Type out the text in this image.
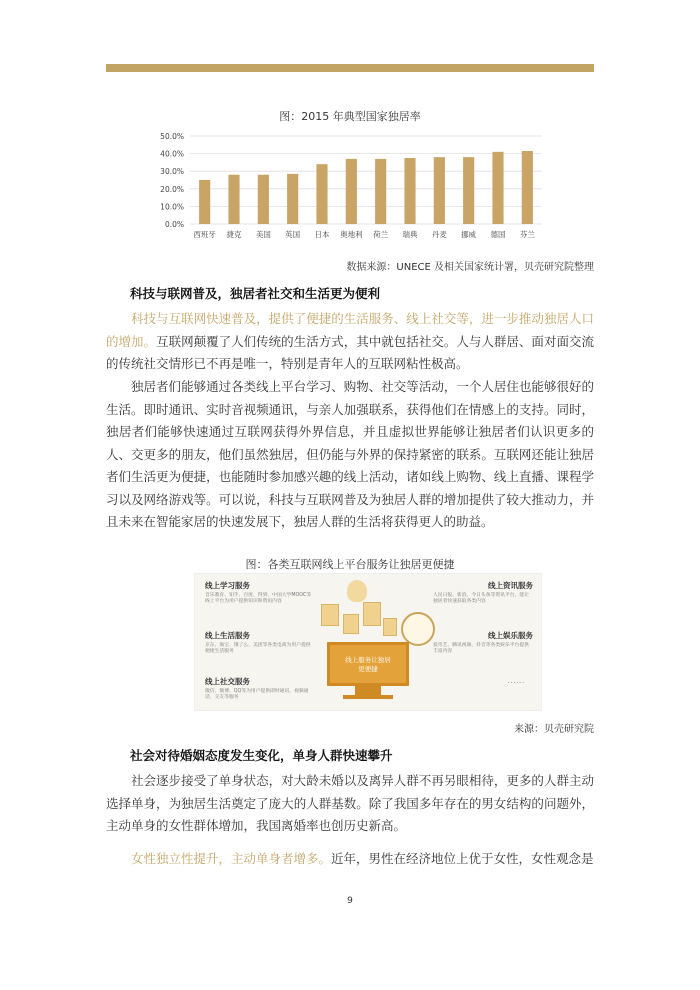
图：2015 年典型国家独居率
0.0%
10.0%
20.0%
30.0%
40.0%
50.0%
西班牙 捷克 美国 英国 日本 奥地利 荷兰 瑞典 丹麦 挪威 德国 芬兰
数据来源：UNECE 及相关国家统计署，贝壳研究院整理
科技与联网普及，独居者社交和生活更为便利
科技与互联网快速普及，提供了便捷的生活服务、线上社交等，进一步推动独居人口的增加。互联网颠覆了人们传统的生活方式，其中就包括社交。人与人群居、面对面交流的传统社交情形已不再是唯一，特别是青年人的互联网粘性极高。
独居者们能够通过各类线上平台学习、购物、社交等活动，一个人居住也能够很好的生活。即时通讯、实时音视频通讯，与亲人加强联系，获得他们在情感上的支持。同时，独居者们能够快速通过互联网获得外界信息，并且虚拟世界能够让独居者们认识更多的人、交更多的朋友，他们虽然独居，但仍能与外界的保持紧密的联系。互联网还能让独居者们生活更为便捷，也能随时参加感兴趣的线上活动，诸如线上购物、线上直播、课程学习以及网络游戏等。可以说，科技与互联网普及为独居人群的增加提供了较大推动力，并且未来在智能家居的快速发展下，独居人群的生活将获得更人的助益。
图：各类互联网线上平台服务让独居更便捷
线上学习服务
音乐教育、知乎、百度、得到、中国大学MOOC等线上平台为用户提供知识和资讯内容
线上资讯服务
人民日报、新浪、今日头条等资讯平台，能让独居者快速获取各类内容
线上生活服务
京东、淘宝、饿了么、美团等各类电商为用户提供便捷生活服务
线上娱乐服务
爱奇艺、腾讯视频、抖音等各类娱乐平台提供丰富内容
线上社交服务
微信、微博、QQ等为用户提供即时通讯、视频通话、交友等服务
线上服务让独居
更便捷
......
来源：贝壳研究院
社会对待婚姻态度发生变化，单身人群快速攀升
社会逐步接受了单身状态，对大龄未婚以及离异人群不再另眼相待，更多的人群主动选择单身，为独居生活奠定了庞大的人群基数。除了我国多年存在的男女结构的问题外，主动单身的女性群体增加，我国离婚率也创历史新高。
女性独立性提升，主动单身者增多。近年，男性在经济地位上优于女性，女性观念是
9
